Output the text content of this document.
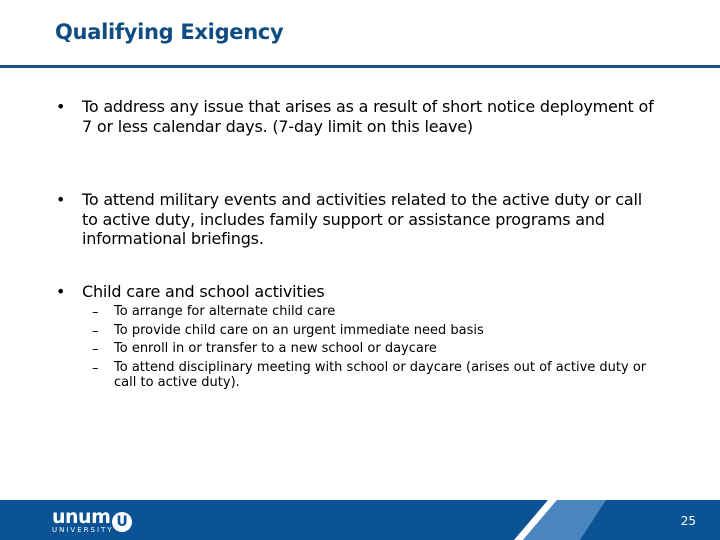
Qualifying Exigency
• To address any issue that arises as a result of short notice deployment of 7 or less calendar days. (7-day limit on this leave)
• To attend military events and activities related to the active duty or call to active duty, includes family support or assistance programs and informational briefings.
• Child care and school activities
– To arrange for alternate child care
– To provide child care on an urgent immediate need basis
– To enroll in or transfer to a new school or daycare
– To attend disciplinary meeting with school or daycare (arises out of active duty or call to active duty).
unum
UNIVERSITY U	25
